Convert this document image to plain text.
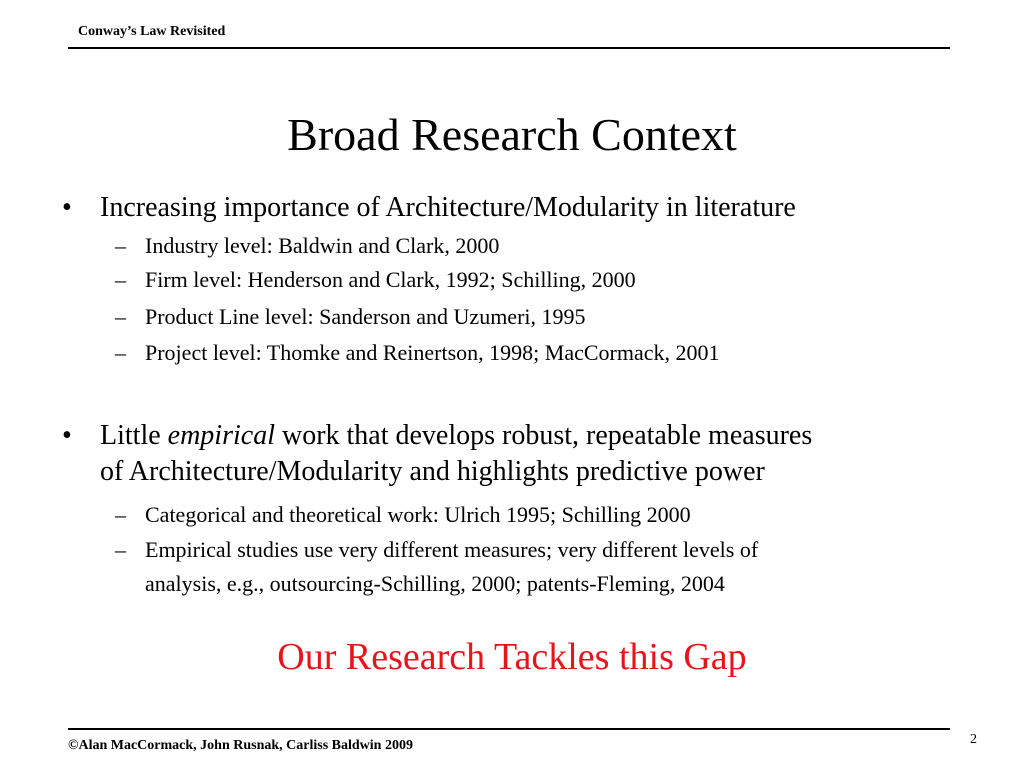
Conway’s Law Revisited
Broad Research Context
• Increasing importance of Architecture/Modularity in literature
– Industry level: Baldwin and Clark, 2000
– Firm level: Henderson and Clark, 1992; Schilling, 2000
– Product Line level: Sanderson and Uzumeri, 1995
– Project level: Thomke and Reinertson, 1998; MacCormack, 2001
• Little empirical work that develops robust, repeatable measures
of Architecture/Modularity and highlights predictive power
– Categorical and theoretical work: Ulrich 1995; Schilling 2000
– Empirical studies use very different measures; very different levels of
analysis, e.g., outsourcing-Schilling, 2000; patents-Fleming, 2004
Our Research Tackles this Gap
©Alan MacCormack, John Rusnak, Carliss Baldwin 2009	2
